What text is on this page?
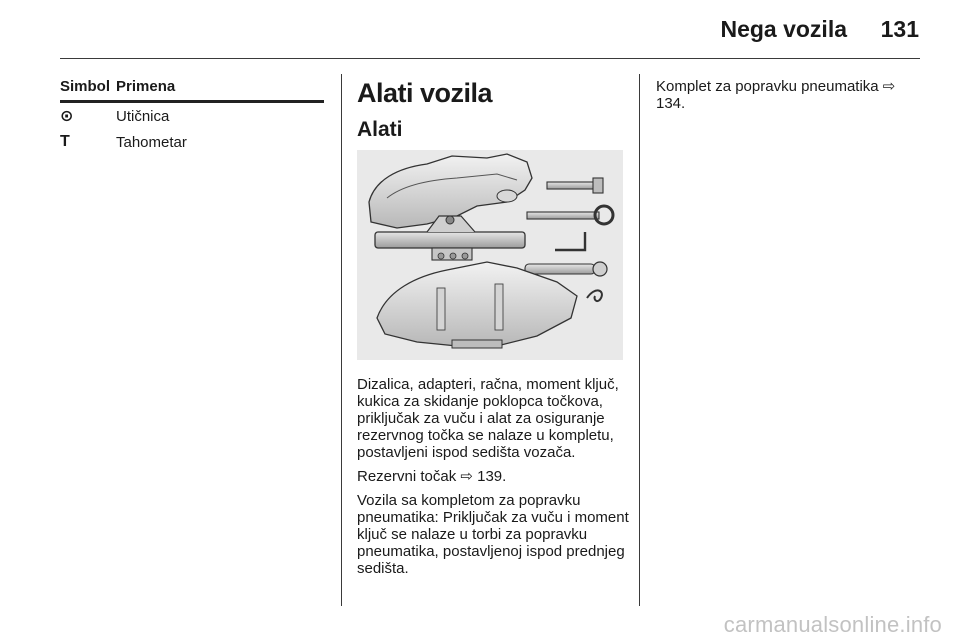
Nega vozila	131
Simbol Primena
⊙	Utičnica
T	Tahometar
Alati vozila
Alati

Dizalica, adapteri, račna, moment ključ, kukica za skidanje poklopca točkova, priključak za vuču i alat za osiguranje rezervnog točka se nalaze u kompletu, postavljeni ispod sedišta vozača.

Rezervni točak ⇨ 139.

Vozila sa kompletom za popravku pneumatika: Priključak za vuču i moment ključ se nalaze u torbi za popravku pneumatika, postavljenoj ispod prednjeg sedišta.

Komplet za popravku pneumatika ⇨ 134.

carmanualsonline.info
